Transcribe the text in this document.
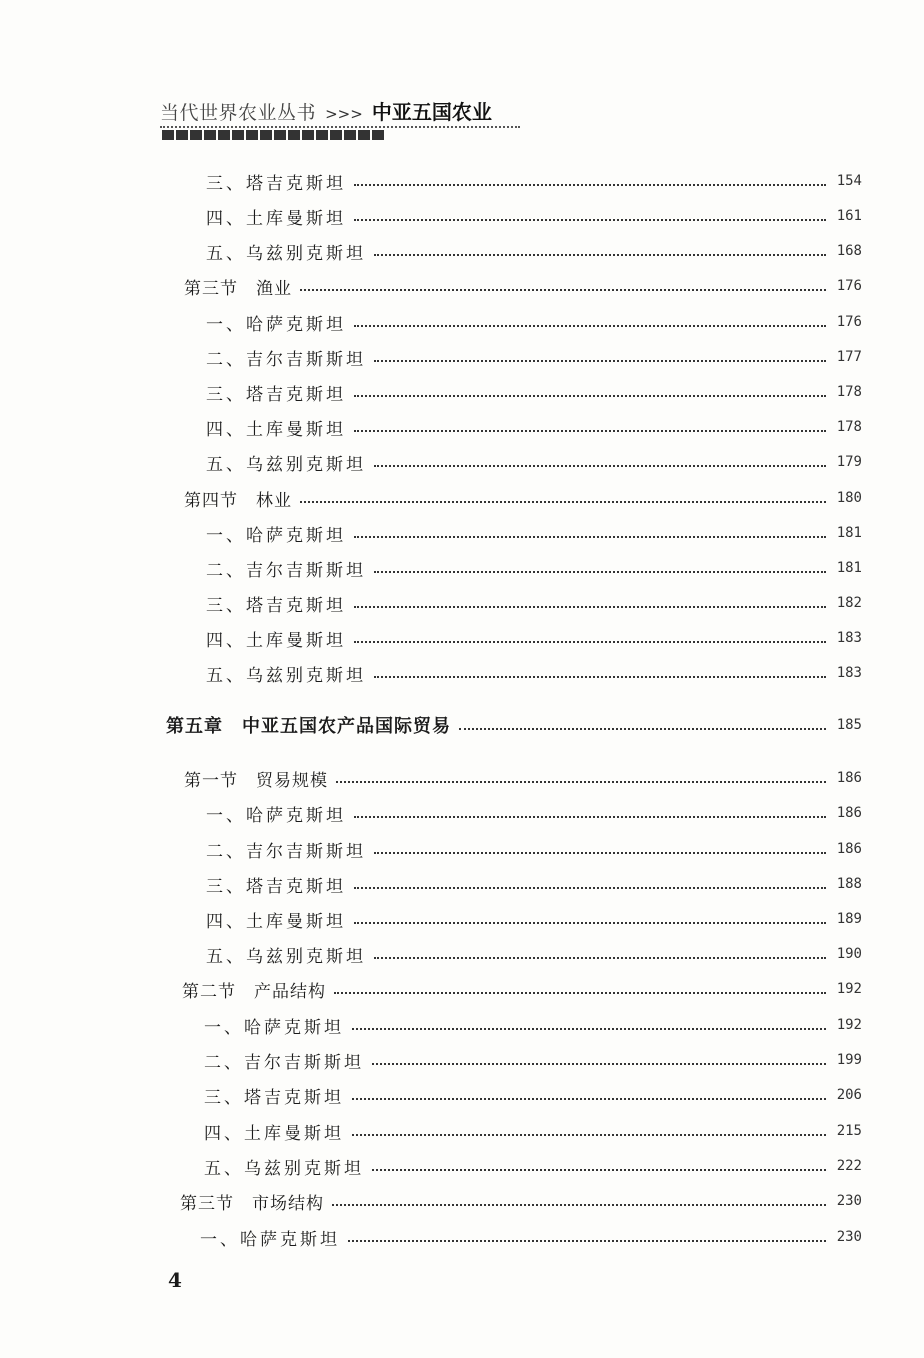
当代世界农业丛书 >>> 中亚五国农业
三、塔吉克斯坦	154
四、土库曼斯坦	161
五、乌兹别克斯坦	168
第三节　渔业	176
一、哈萨克斯坦	176
二、吉尔吉斯斯坦	177
三、塔吉克斯坦	178
四、土库曼斯坦	178
五、乌兹别克斯坦	179
第四节　林业	180
一、哈萨克斯坦	181
二、吉尔吉斯斯坦	181
三、塔吉克斯坦	182
四、土库曼斯坦	183
五、乌兹别克斯坦	183
第五章　中亚五国农产品国际贸易	185
第一节　贸易规模	186
一、哈萨克斯坦	186
二、吉尔吉斯斯坦	186
三、塔吉克斯坦	188
四、土库曼斯坦	189
五、乌兹别克斯坦	190
第二节　产品结构	192
一、哈萨克斯坦	192
二、吉尔吉斯斯坦	199
三、塔吉克斯坦	206
四、土库曼斯坦	215
五、乌兹别克斯坦	222
第三节　市场结构	230
一、哈萨克斯坦	230
4
